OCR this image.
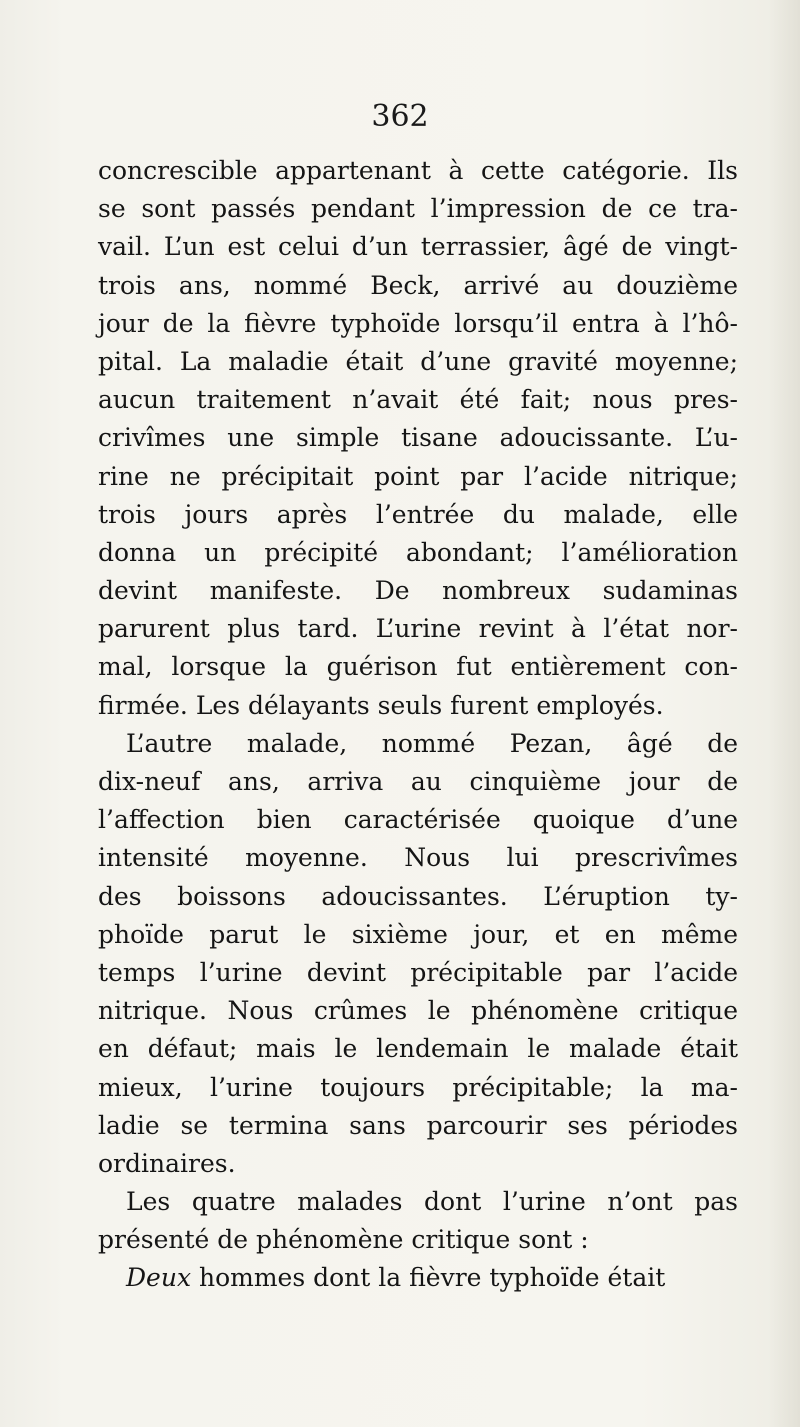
362
concrescible appartenant à cette catégorie. Ils
se sont passés pendant l’impression de ce tra-
vail. L’un est celui d’un terrassier, âgé de vingt-
trois ans, nommé Beck, arrivé au douzième
jour de la fièvre typhoïde lorsqu’il entra à l’hô-
pital. La maladie était d’une gravité moyenne;
aucun traitement n’avait été fait; nous pres-
crivîmes une simple tisane adoucissante. L’u-
rine ne précipitait point par l’acide nitrique;
trois jours après l’entrée du malade, elle
donna un précipité abondant; l’amélioration
devint manifeste. De nombreux sudaminas
parurent plus tard. L’urine revint à l’état nor-
mal, lorsque la guérison fut entièrement con-
firmée. Les délayants seuls furent employés.
L’autre malade, nommé Pezan, âgé de
dix-neuf ans, arriva au cinquième jour de
l’affection bien caractérisée quoique d’une
intensité moyenne. Nous lui prescrivîmes
des boissons adoucissantes. L’éruption ty-
phoïde parut le sixième jour, et en même
temps l’urine devint précipitable par l’acide
nitrique. Nous crûmes le phénomène critique
en défaut; mais le lendemain le malade était
mieux, l’urine toujours précipitable; la ma-
ladie se termina sans parcourir ses périodes
ordinaires.
Les quatre malades dont l’urine n’ont pas
présenté de phénomène critique sont :
Deux hommes dont la fièvre typhoïde était
